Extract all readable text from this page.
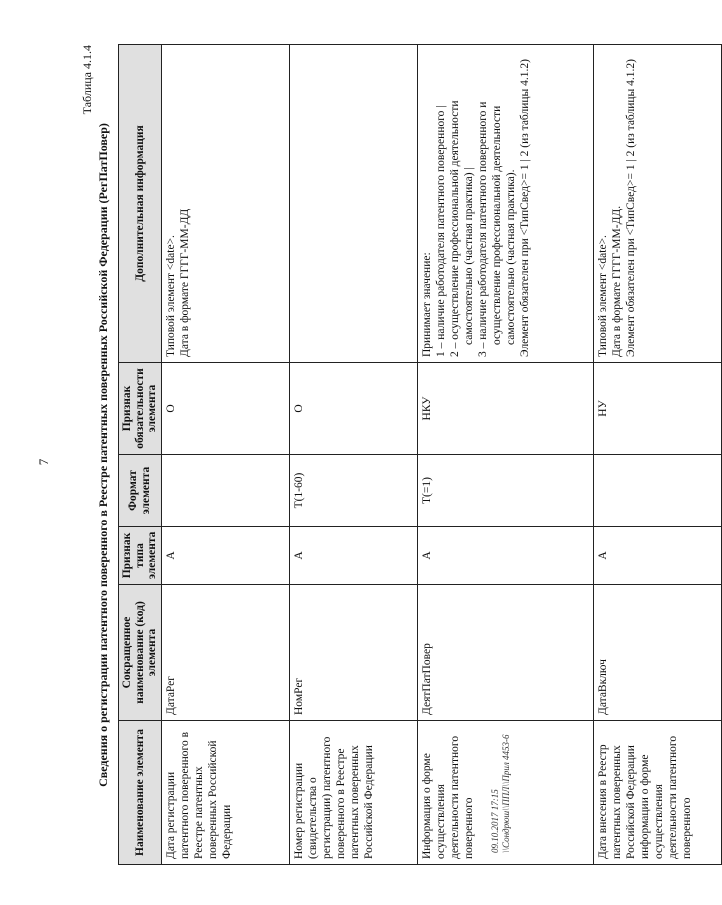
7
Таблица 4.1.4
Сведения о регистрации патентного поверенного в Реестре патентных поверенных Российской Федерации (РегПатПовер)
Наименование элемента	Сокращенное наименование (код) элемента	Признак типа элемента	Формат элемента	Признак обязательности элемента	Дополнительная информация
Дата регистрации патентного поверенного в Реестре патентных поверенных Российской Федерации	ДатаРег	А		О	Типовой элемент <date>. Дата в формате ГГГГ-ММ-ДД

Номер регистрации (свидетельства о регистрации) патентного поверенного в Реестре патентных поверенных Российской Федерации	НомРег	А	T(1-60)	О	
Информация о форме осуществления деятельности патентного поверенного	ДеятПатПовер	А	T(=1)	НКУ	Принимает значение: 1 – наличие работодателя патентного поверенного | 2 – осуществление профессиональной деятельности самостоятельно (частная практика) | 3 – наличие работодателя патентного поверенного и осуществление профессиональной деятельности самостоятельно (частная практика). Элемент обязателен при <ТипСвед>= 1 | 2 (из таблицы 4.1.2)

Дата внесения в Реестр патентных поверенных Российской Федерации информации о форме осуществления деятельности патентного поверенного	ДатаВключ	А		НУ	Типовой элемент <date>. Дата в формате ГГГГ-ММ-ДД. Элемент обязателен при <ТипСвед>= 1 | 2 (из таблицы 4.1.2)
09.10.2017 17:15 \\Сондрюш\\ППЛ\\Прил 4453-6
